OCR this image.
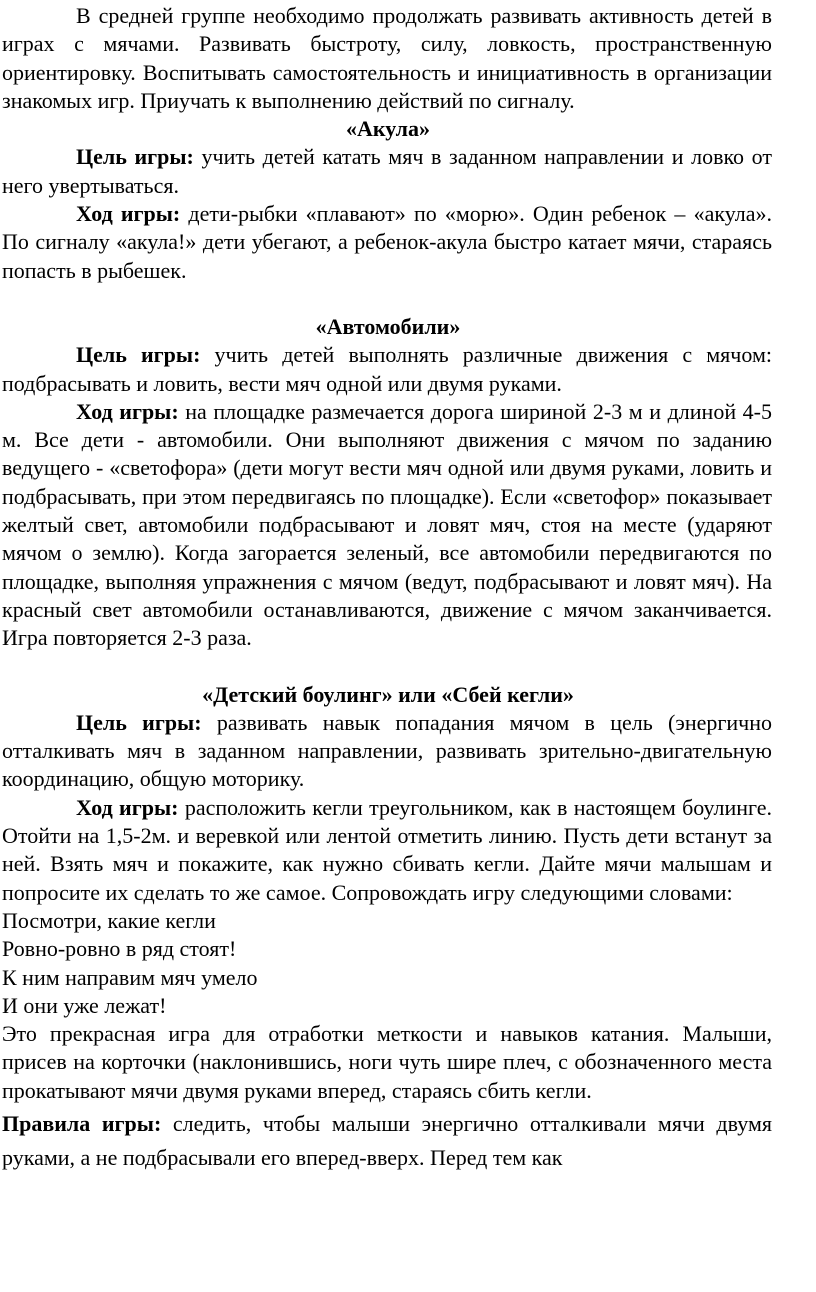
В средней группе необходимо продолжать развивать активность детей в играх с мячами. Развивать быстроту, силу, ловкость, пространственную ориентировку. Воспитывать самостоятельность и инициативность в организации знакомых игр. Приучать к выполнению действий по сигналу.

«Акула»

Цель игры: учить детей катать мяч в заданном направлении и ловко от него увертываться.

Ход игры: дети-рыбки «плавают» по «морю». Один ребенок – «акула». По сигналу «акула!» дети убегают, а ребенок-акула быстро катает мячи, стараясь попасть в рыбешек.

«Автомобили»

Цель игры: учить детей выполнять различные движения с мячом: подбрасывать и ловить, вести мяч одной или двумя руками.

Ход игры: на площадке размечается дорога шириной 2-3 м и длиной 4-5 м. Все дети - автомобили. Они выполняют движения с мячом по заданию ведущего - «светофора» (дети могут вести мяч одной или двумя руками, ловить и подбрасывать, при этом передвигаясь по площадке). Если «светофор» показывает желтый свет, автомобили подбрасывают и ловят мяч, стоя на месте (ударяют мячом о землю). Когда загорается зеленый, все автомобили передвигаются по площадке, выполняя упражнения с мячом (ведут, подбрасывают и ловят мяч). На красный свет автомобили останавливаются, движение с мячом заканчивается. Игра повторяется 2-3 раза.

«Детский боулинг» или «Сбей кегли»

Цель игры: развивать навык попадания мячом в цель (энергично отталкивать мяч в заданном направлении, развивать зрительно-двигательную координацию, общую моторику.

Ход игры: расположить кегли треугольником, как в настоящем боулинге. Отойти на 1,5-2м. и веревкой или лентой отметить линию. Пусть дети встанут за ней. Взять мяч и покажите, как нужно сбивать кегли. Дайте мячи малышам и попросите их сделать то же самое. Сопровождать игру следующими словами:

Посмотри, какие кегли

Ровно-ровно в ряд стоят!

К ним направим мяч умело

И они уже лежат!

Это прекрасная игра для отработки меткости и навыков катания. Малыши, присев на корточки (наклонившись, ноги чуть шире плеч, с обозначенного места прокатывают мячи двумя руками вперед, стараясь сбить кегли.

Правила игры: следить, чтобы малыши энергично отталкивали мячи двумя руками, а не подбрасывали его вперед-вверх. Перед тем как
